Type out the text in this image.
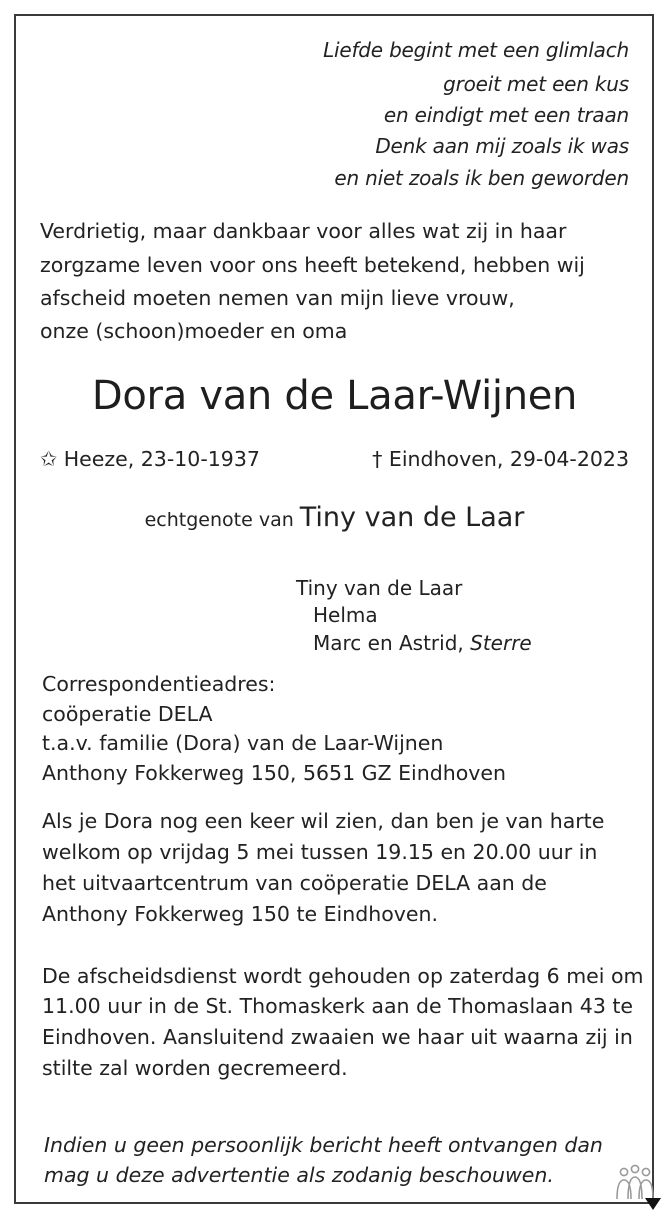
Liefde begint met een glimlach
groeit met een kus
en eindigt met een traan
Denk aan mij zoals ik was
en niet zoals ik ben geworden
Verdrietig, maar dankbaar voor alles wat zij in haar
zorgzame leven voor ons heeft betekend, hebben wij
afscheid moeten nemen van mijn lieve vrouw,
onze (schoon)moeder en oma
Dora van de Laar-Wijnen
✩ Heeze, 23-10-1937	† Eindhoven, 29-04-2023
echtgenote van Tiny van de Laar
Tiny van de Laar
Helma
Marc en Astrid, Sterre
Correspondentieadres:
coöperatie DELA
t.a.v. familie (Dora) van de Laar-Wijnen
Anthony Fokkerweg 150, 5651 GZ Eindhoven
Als je Dora nog een keer wil zien, dan ben je van harte
welkom op vrijdag 5 mei tussen 19.15 en 20.00 uur in
het uitvaartcentrum van coöperatie DELA aan de
Anthony Fokkerweg 150 te Eindhoven.
De afscheidsdienst wordt gehouden op zaterdag 6 mei om
11.00 uur in de St. Thomaskerk aan de Thomaslaan 43 te
Eindhoven. Aansluitend zwaaien we haar uit waarna zij in
stilte zal worden gecremeerd.
Indien u geen persoonlijk bericht heeft ontvangen dan
mag u deze advertentie als zodanig beschouwen.
